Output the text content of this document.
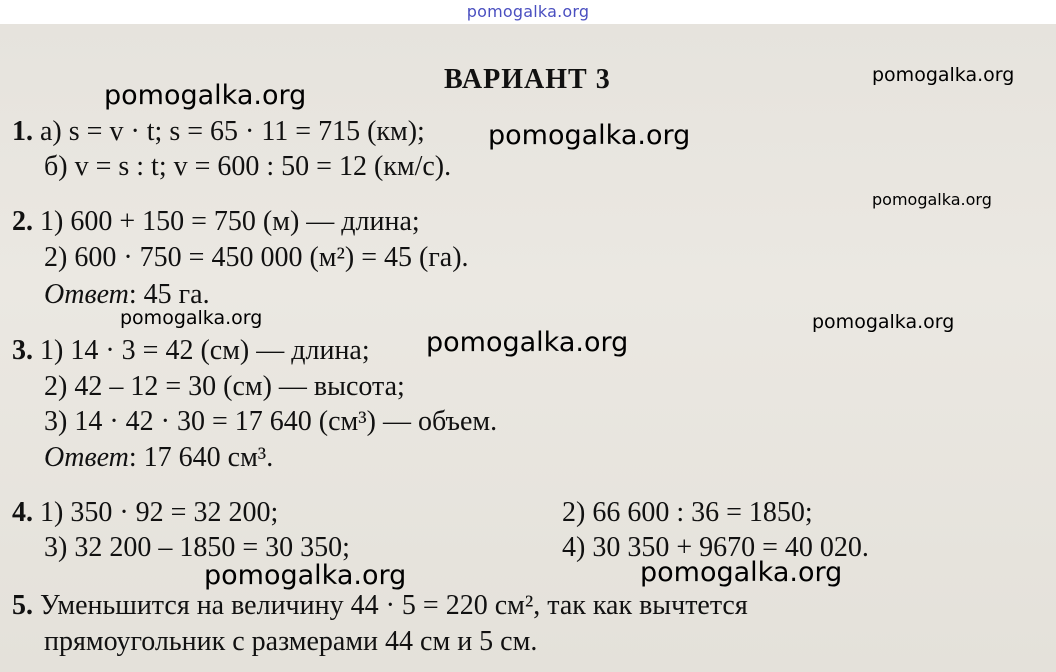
pomogalka.org
ВАРИАНТ 3
1. а) s = v · t; s = 65 · 11 = 715 (км);
б) v = s : t; v = 600 : 50 = 12 (км/с).
2. 1) 600 + 150 = 750 (м) — длина;
2) 600 · 750 = 450 000 (м²) = 45 (га).
Ответ: 45 га.
3. 1) 14 · 3 = 42 (см) — длина;
2) 42 – 12 = 30 (см) — высота;
3) 14 · 42 · 30 = 17 640 (см³) — объем.
Ответ: 17 640 см³.
4. 1) 350 · 92 = 32 200;	2) 66 600 : 36 = 1850;
3) 32 200 – 1850 = 30 350;	4) 30 350 + 9670 = 40 020.
5. Уменьшится на величину 44 · 5 = 220 см², так как вычтется
прямоугольник с размерами 44 см и 5 см.
pomogalka.org
pomogalka.org
pomogalka.org
pomogalka.org
pomogalka.org	pomogalka.org
pomogalka.org
pomogalka.org	pomogalka.org
